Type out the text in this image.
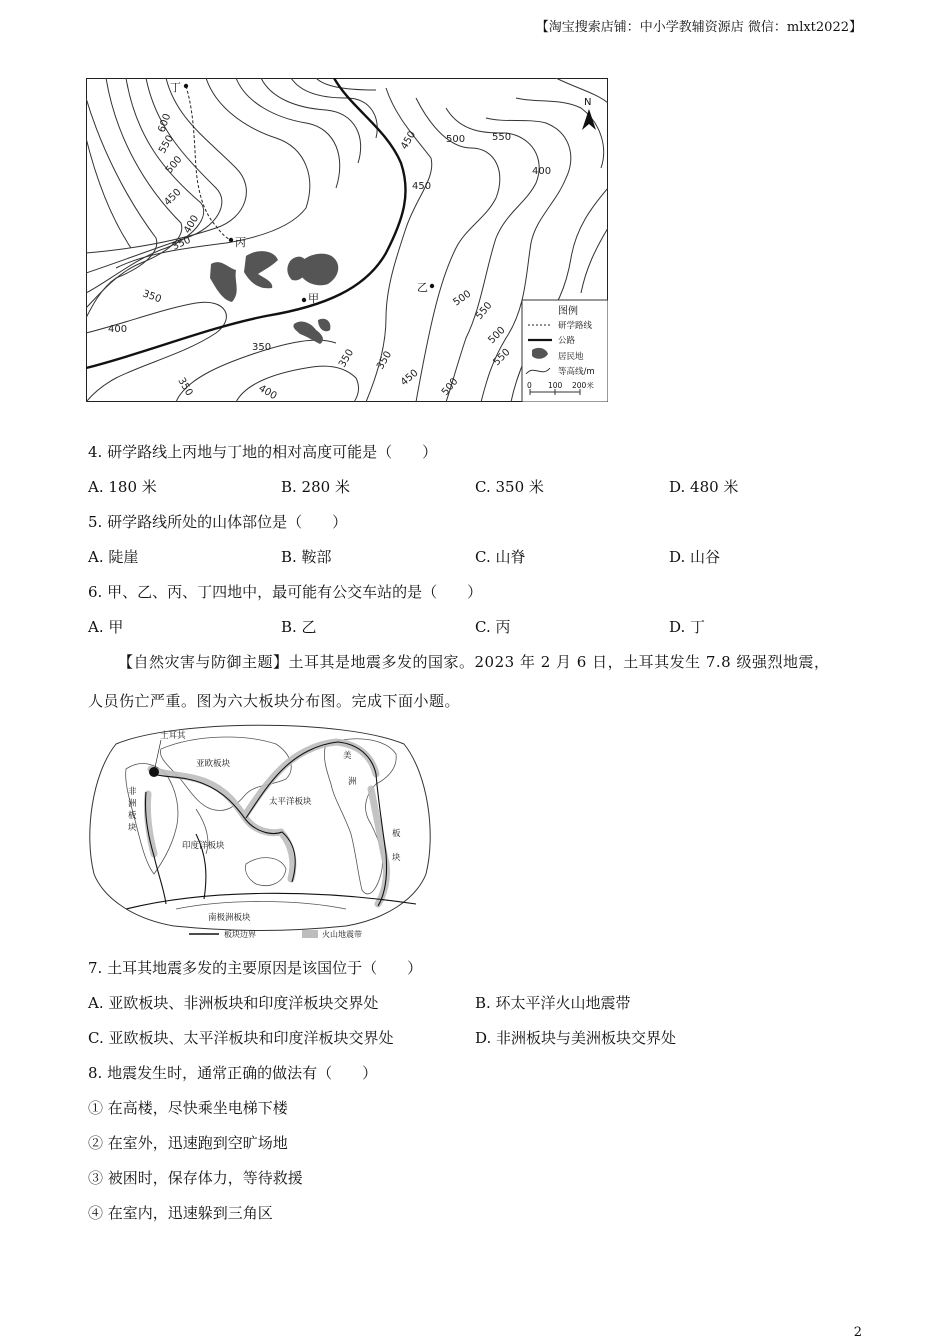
【淘宝搜索店铺：中小学教辅资源店 微信：mlxt2022】
丁
丙
甲
乙
600
550
500
450
400
350
350
400
350
350
350
400
450	500	550
400
450
500
350
550
500
550
450 500
N
图例
研学路线
公路
居民地
等高线/m
0 100 200米
4. 研学路线上丙地与丁地的相对高度可能是（　　）
A. 180 米	B. 280 米	C. 350 米	D. 480 米
5. 研学路线所处的山体部位是（　　）
A. 陡崖	B. 鞍部	C. 山脊	D. 山谷
6. 甲、乙、丙、丁四地中，最可能有公交车站的是（　　）
A. 甲	B. 乙	C. 丙	D. 丁
【自然灾害与防御主题】土耳其是地震多发的国家。2023 年 2 月 6 日，土耳其发生 7.8 级强烈地震，
人员伤亡严重。图为六大板块分布图。完成下面小题。
土耳其
亚欧板块
美
洲
非
洲
板
块
太平洋板块
板
块
印度洋板块
南极洲板块
板块边界	火山地震带
7. 土耳其地震多发的主要原因是该国位于（　　）
A. 亚欧板块、非洲板块和印度洋板块交界处	B. 环太平洋火山地震带
C. 亚欧板块、太平洋板块和印度洋板块交界处	D. 非洲板块与美洲板块交界处
8. 地震发生时，通常正确的做法有（　　）
① 在高楼，尽快乘坐电梯下楼
② 在室外，迅速跑到空旷场地
③ 被困时，保存体力，等待救援
④ 在室内，迅速躲到三角区
2
